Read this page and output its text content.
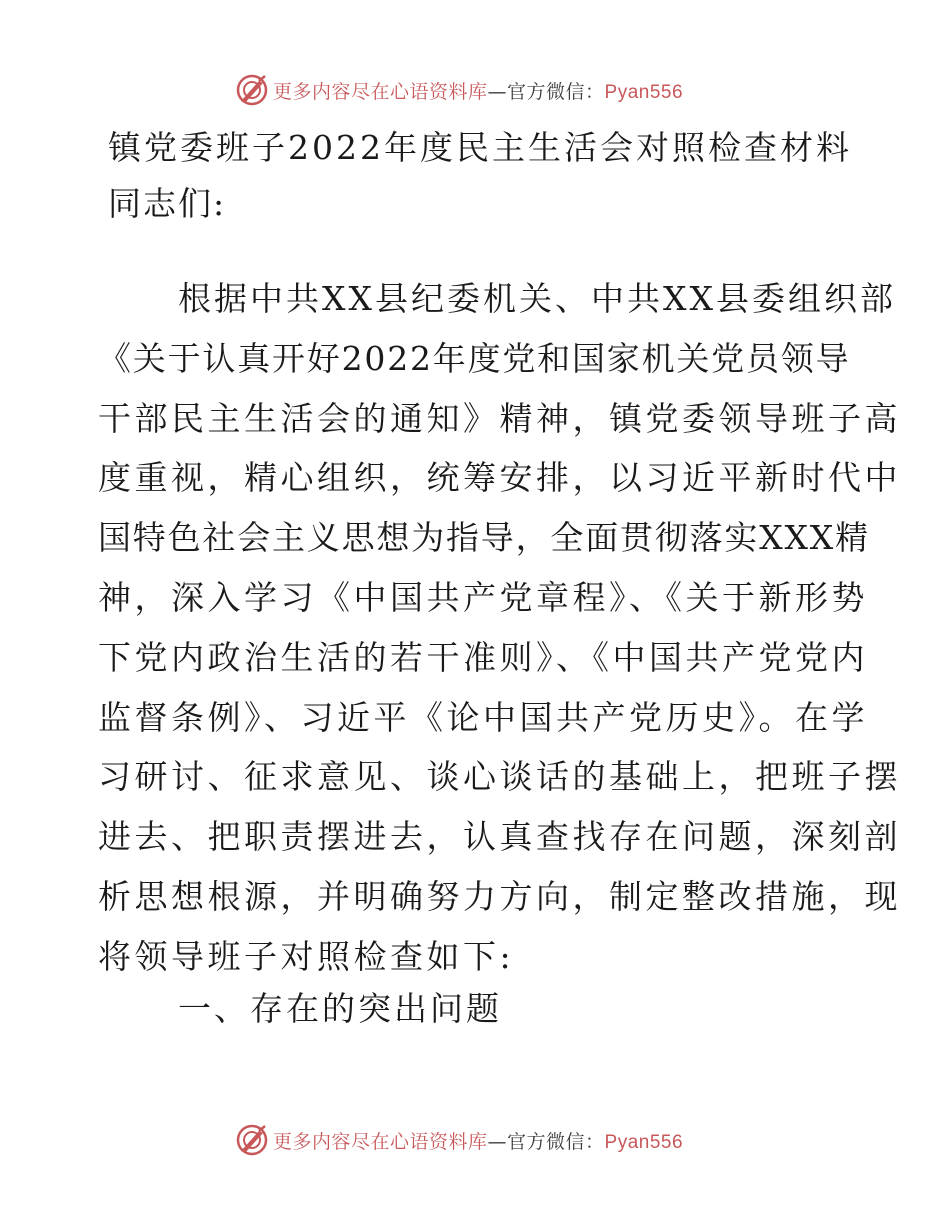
更多内容尽在心语资料库—官方微信：Pyan556
镇党委班子2022年度民主生活会对照检查材料
同志们:
根据中共XX县纪委机关、中共XX县委组织部
《关于认真开好2022年度党和国家机关党员领导
干部民主生活会的通知》精神，镇党委领导班子高
度重视，精心组织，统筹安排，以习近平新时代中
国特色社会主义思想为指导，全面贯彻落实XXX精
神，深入学习《中国共产党章程》、《关于新形势
下党内政治生活的若干准则》、《中国共产党党内
监督条例》、习近平《论中国共产党历史》。在学
习研讨、征求意见、谈心谈话的基础上，把班子摆
进去、把职责摆进去，认真查找存在问题，深刻剖
析思想根源，并明确努力方向，制定整改措施，现
将领导班子对照检查如下:
一、存在的突出问题
更多内容尽在心语资料库—官方微信：Pyan556
